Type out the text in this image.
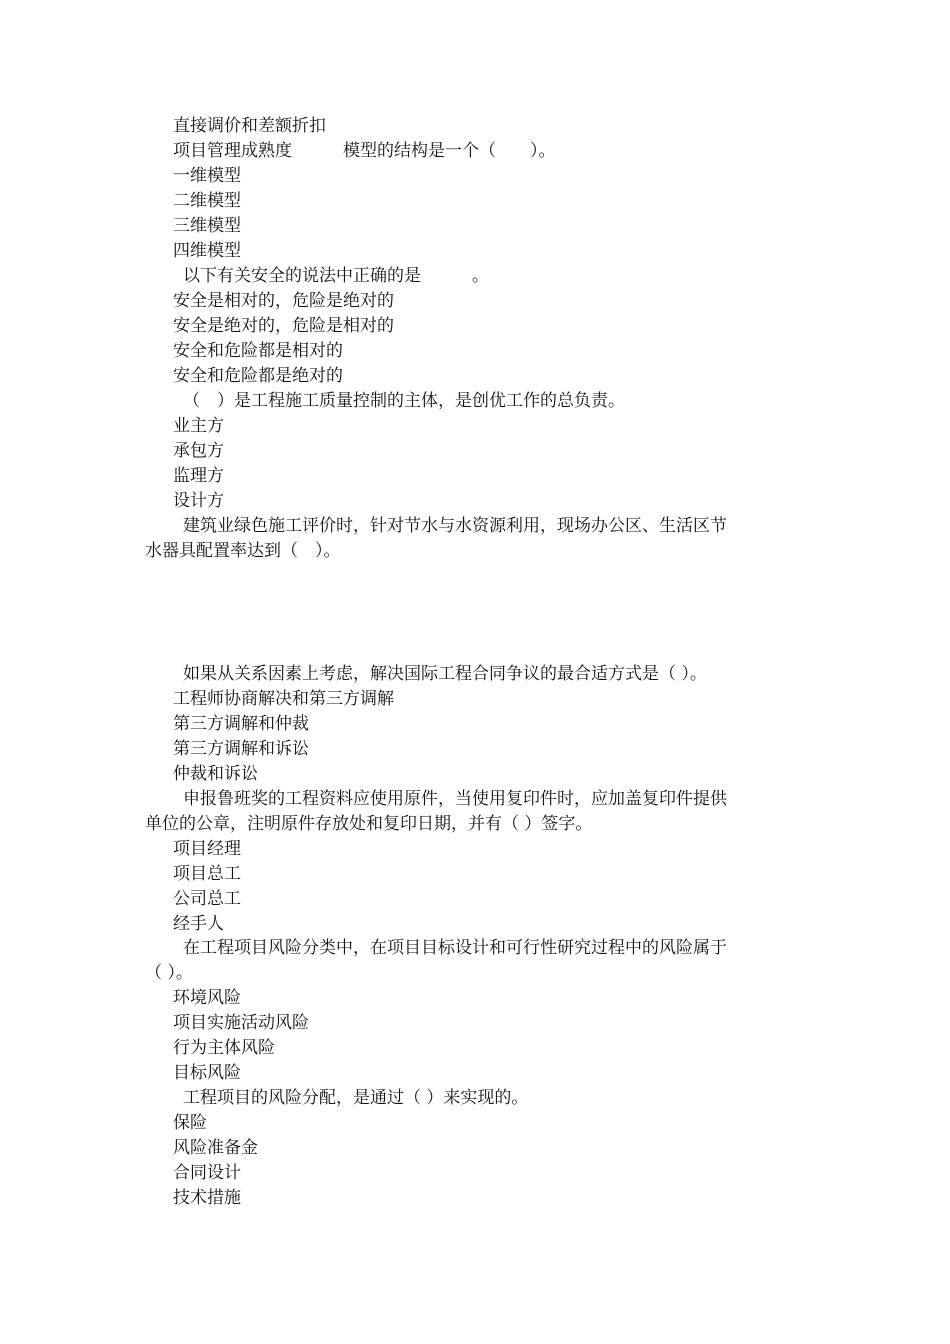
直接调价和差额折扣
项目管理成熟度　　　模型的结构是一个（　　）。
一维模型
二维模型
三维模型
四维模型
以下有关安全的说法中正确的是　　　。
安全是相对的，危险是绝对的
安全是绝对的，危险是相对的
安全和危险都是相对的
安全和危险都是绝对的
（　）是工程施工质量控制的主体，是创优工作的总负责。
业主方
承包方
监理方
设计方
建筑业绿色施工评价时，针对节水与水资源利用，现场办公区、生活区节
水器具配置率达到（　）。
如果从关系因素上考虑，解决国际工程合同争议的最合适方式是（ ）。
工程师协商解决和第三方调解
第三方调解和仲裁
第三方调解和诉讼
仲裁和诉讼
申报鲁班奖的工程资料应使用原件，当使用复印件时，应加盖复印件提供
单位的公章，注明原件存放处和复印日期，并有（ ）签字。
项目经理
项目总工
公司总工
经手人
在工程项目风险分类中，在项目目标设计和可行性研究过程中的风险属于
（ ）。
环境风险
项目实施活动风险
行为主体风险
目标风险
工程项目的风险分配，是通过（ ）来实现的。
保险
风险准备金
合同设计
技术措施
